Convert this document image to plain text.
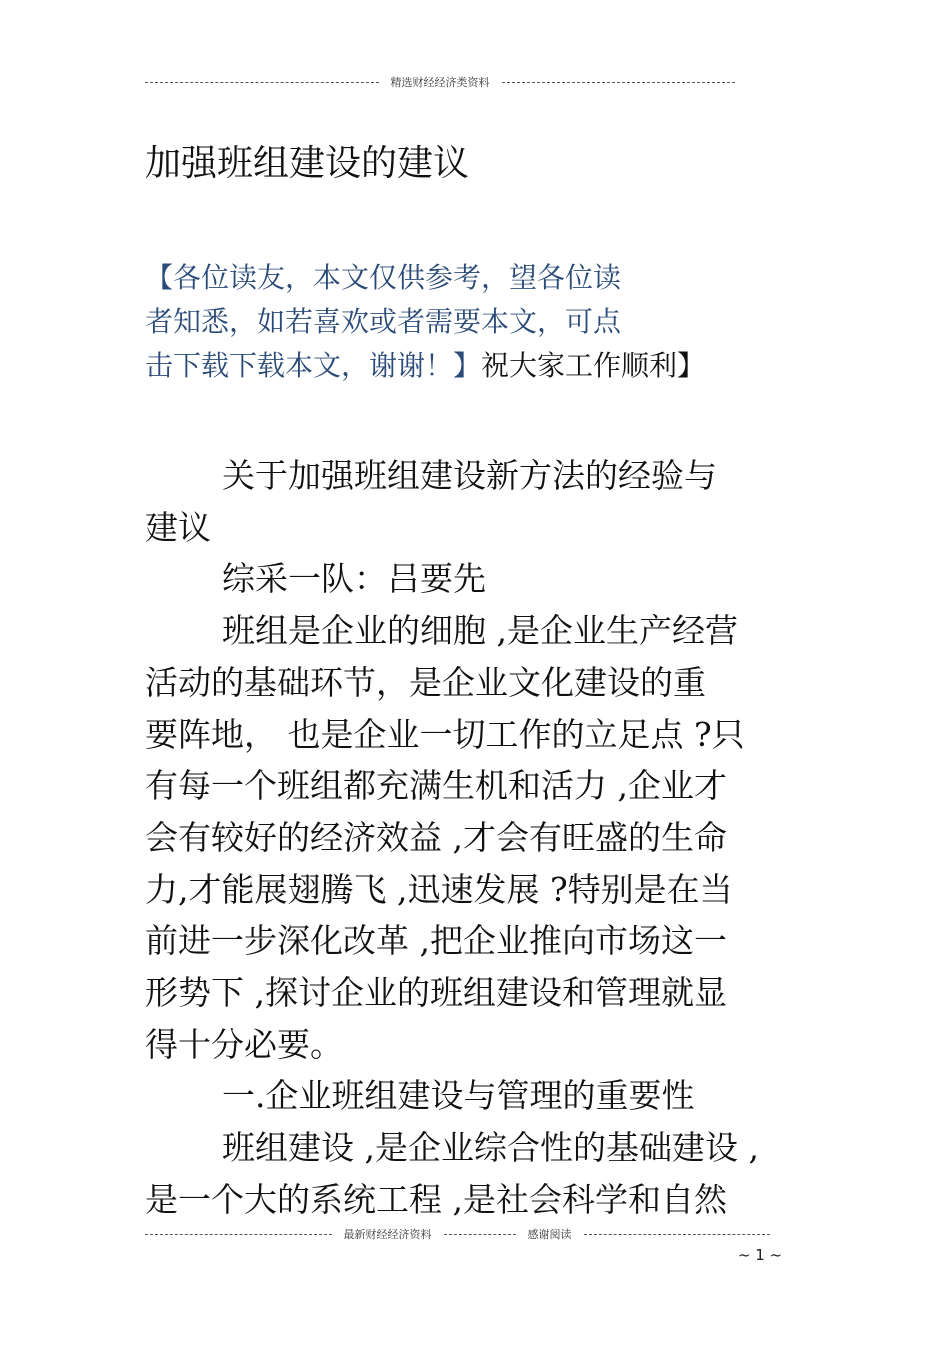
精选财经经济类资料
加强班组建设的建议
【各位读友，本文仅供参考，望各位读
者知悉，如若喜欢或者需要本文，可点
击下载下载本文，谢谢！】祝大家工作顺利】
关于加强班组建设新方法的经验与
建议
综采一队：吕要先
班组是企业的细胞 ,是企业生产经营
活动的基础环节，是企业文化建设的重
要阵地， 也是企业一切工作的立足点 ?只
有每一个班组都充满生机和活力 ,企业才
会有较好的经济效益 ,才会有旺盛的生命
力,才能展翅腾飞 ,迅速发展 ?特别是在当
前进一步深化改革 ,把企业推向市场这一
形势下 ,探讨企业的班组建设和管理就显
得十分必要。
一.企业班组建设与管理的重要性
班组建设 ,是企业综合性的基础建设 ,
是一个大的系统工程 ,是社会科学和自然
最新财经经济资料	感谢阅读
~ 1 ~
